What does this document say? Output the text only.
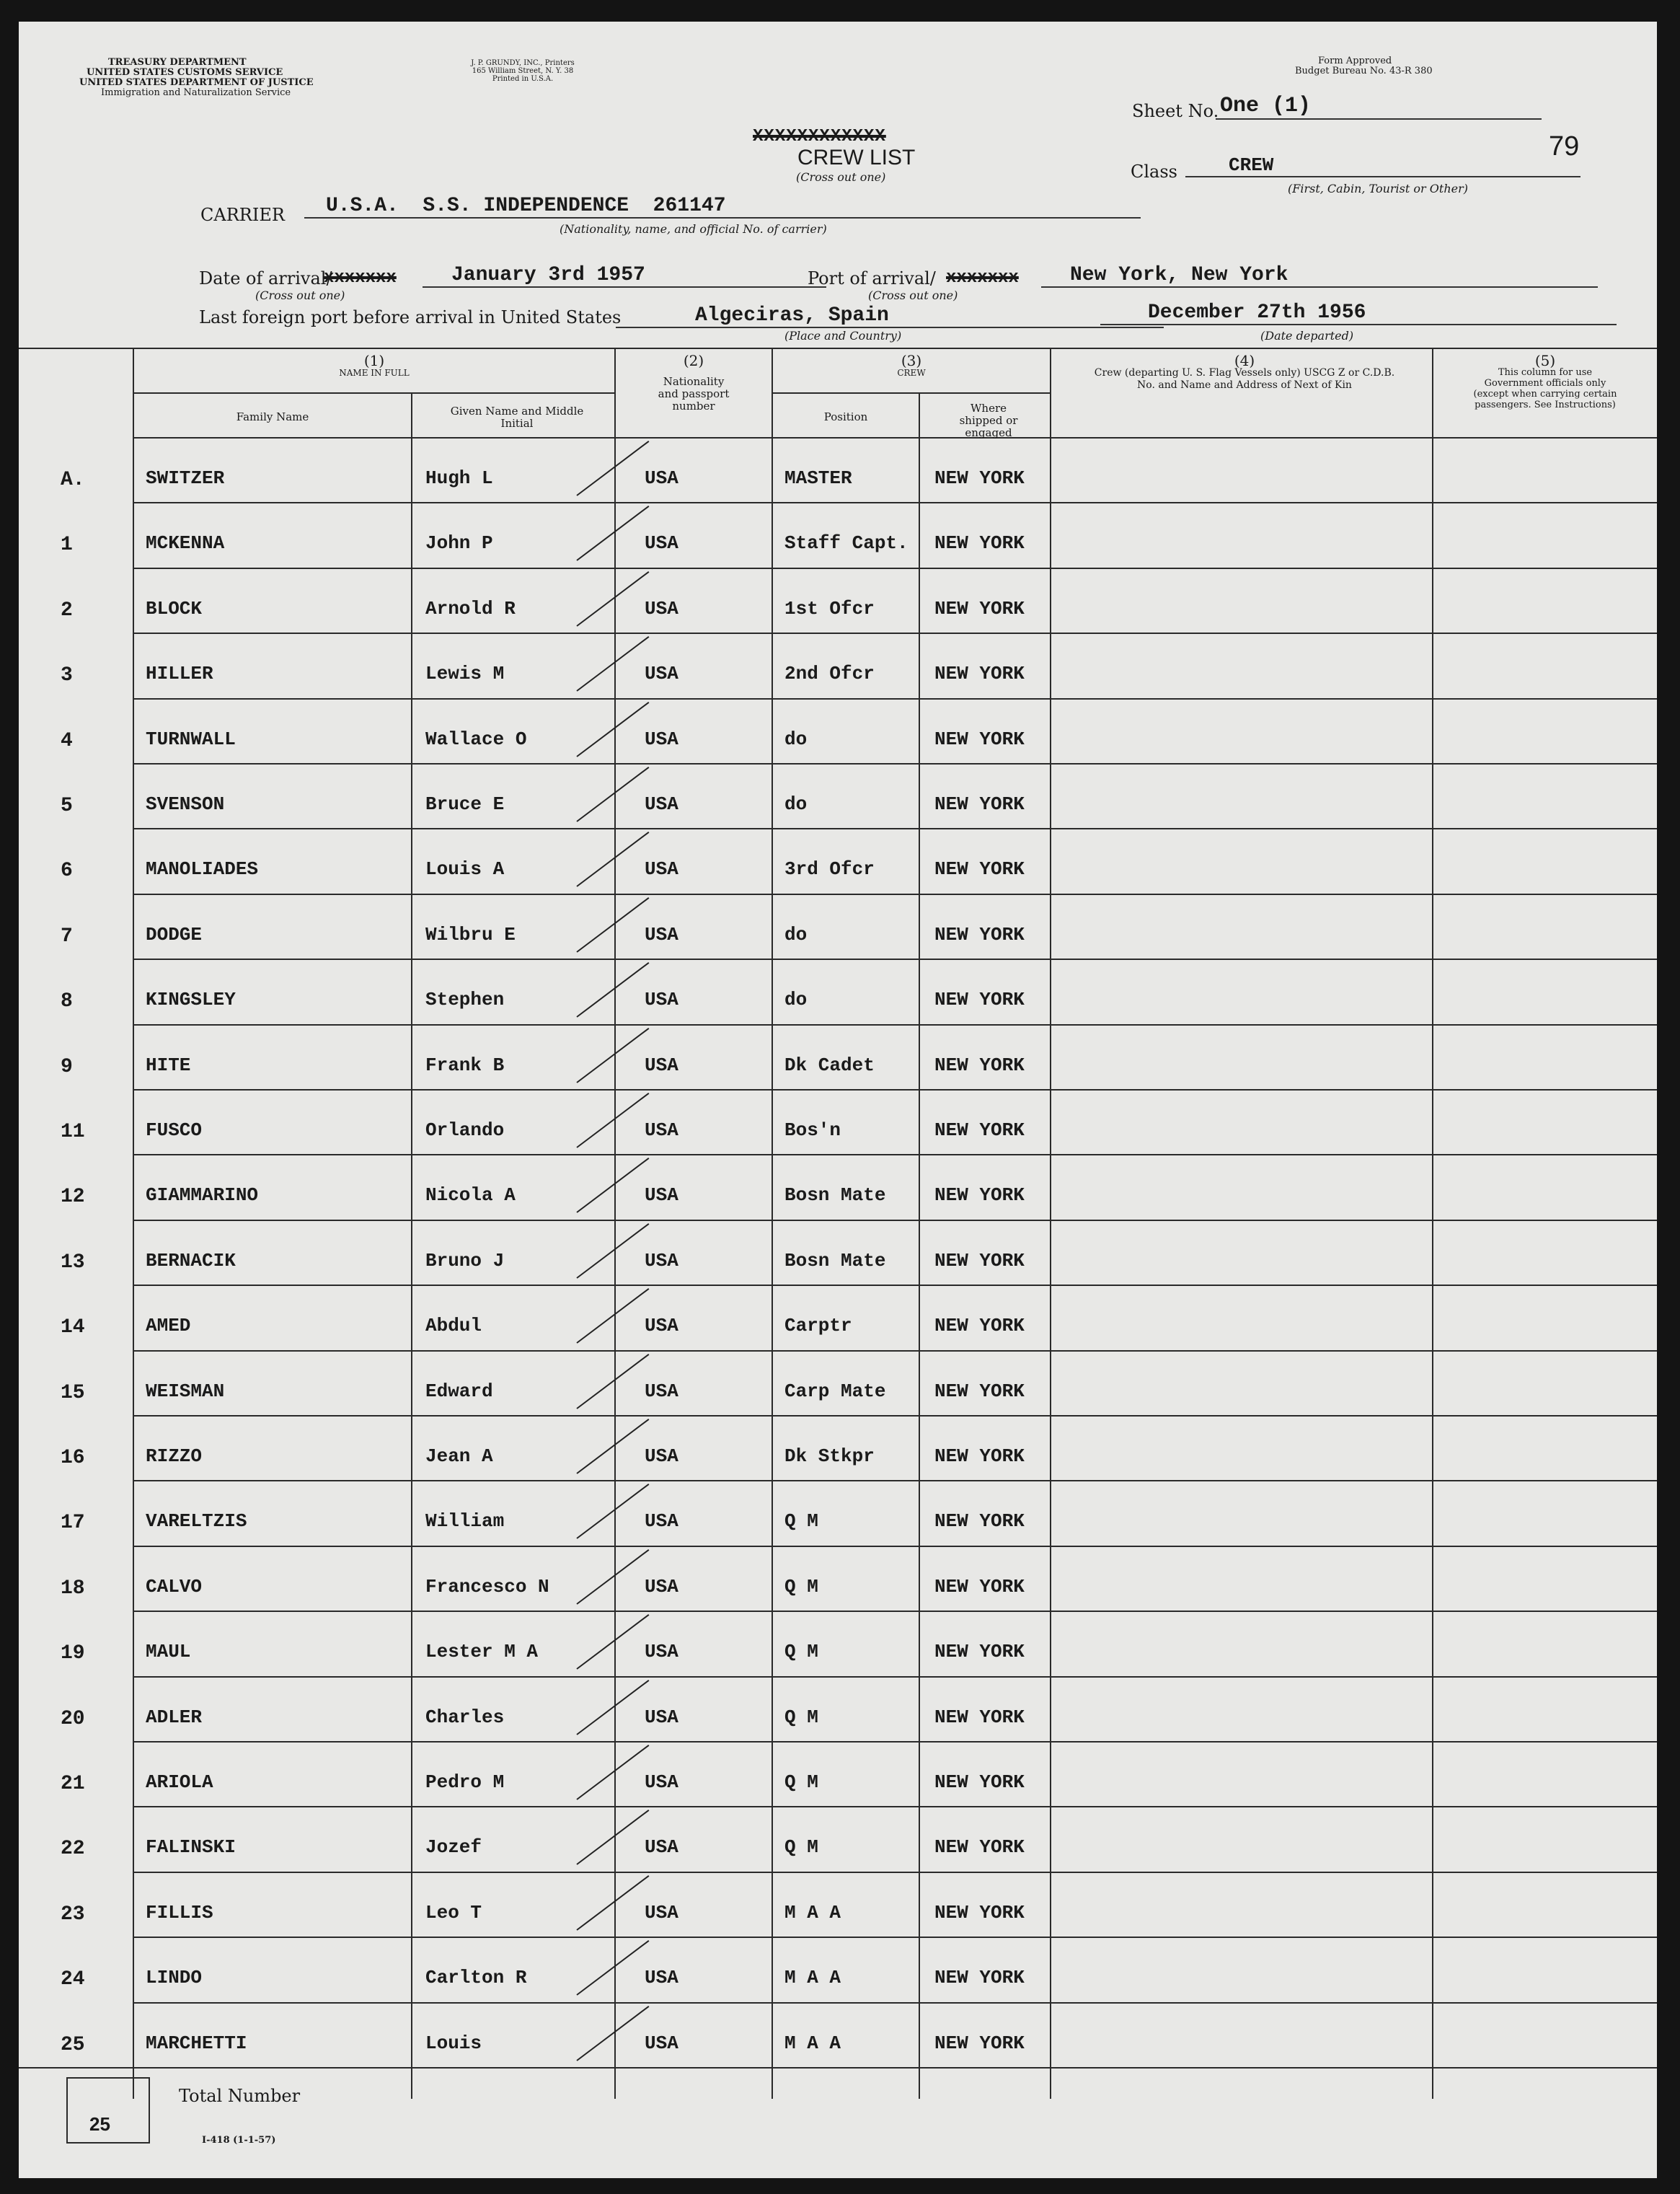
TREASURY DEPARTMENT
UNITED STATES CUSTOMS SERVICE
UNITED STATES DEPARTMENT OF JUSTICE
Immigration and Naturalization Service
J. P. GRUNDY, INC., Printers
165 William Street, N. Y. 38
Printed in U.S.A.
Form Approved
Budget Bureau No. 43-R 380
XXXXXXXXXXXX
CREW LIST
(Cross out one)
Sheet No. One (1)
79
Class	CREW
(First, Cabin, Tourist or Other)
CARRIER	U.S.A.  S.S. INDEPENDENCE  261147
(Nationality, name, and official No. of carrier)
Date of arrival/
xxxxxxx	January 3rd 1957
(Cross out one)
Port of arrival/ xxxxxxx	New York, New York
(Cross out one)
Last foreign port before arrival in United States	Algeciras, Spain
(Place and Country)
December 27th 1956
(Date departed)
(1)
NAME IN FULL
Family Name	Given Name and Middle Initial
(2)
Nationality and passport number
(3)
CREW
Position
Where shipped or engaged
(4)
Crew (departing U. S. Flag Vessels only) USCG Z or C.D.B. No. and Name and Address of Next of Kin
(5)
This column for use Government officials only (except when carrying certain passengers. See Instructions)
A.	SWITZER	Hugh L	USA	MASTER	NEW YORK
1	MCKENNA	John P	USA	Staff Capt. NEW YORK
2	BLOCK	Arnold R	USA	1st Ofcr	NEW YORK
3	HILLER	Lewis M	USA	2nd Ofcr	NEW YORK
4	TURNWALL	Wallace O	USA	do	NEW YORK
5	SVENSON	Bruce E	USA	do	NEW YORK
6	MANOLIADES	Louis A	USA	3rd Ofcr	NEW YORK
7	DODGE	Wilbru E	USA	do	NEW YORK
8	KINGSLEY	Stephen	USA	do	NEW YORK
9	HITE	Frank B	USA	Dk Cadet	NEW YORK
11	FUSCO	Orlando	USA	Bos'n	NEW YORK
12	GIAMMARINO	Nicola A	USA	Bosn Mate	NEW YORK
13	BERNACIK	Bruno J	USA	Bosn Mate	NEW YORK
14	AMED	Abdul	USA	Carptr	NEW YORK
15	WEISMAN	Edward	USA	Carp Mate	NEW YORK
16	RIZZO	Jean A	USA	Dk Stkpr	NEW YORK
17	VARELTZIS	William	USA	Q M	NEW YORK
18	CALVO	Francesco N	USA	Q M	NEW YORK
19	MAUL	Lester M A	USA	Q M	NEW YORK
20	ADLER	Charles	USA	Q M	NEW YORK
21	ARIOLA	Pedro M	USA	Q M	NEW YORK
22	FALINSKI	Jozef	USA	Q M	NEW YORK
23	FILLIS	Leo T	USA	M A A	NEW YORK
24	LINDO	Carlton R	USA	M A A	NEW YORK
25	MARCHETTI	Louis	USA	M A A	NEW YORK
25
Total Number
I-418 (1-1-57)
